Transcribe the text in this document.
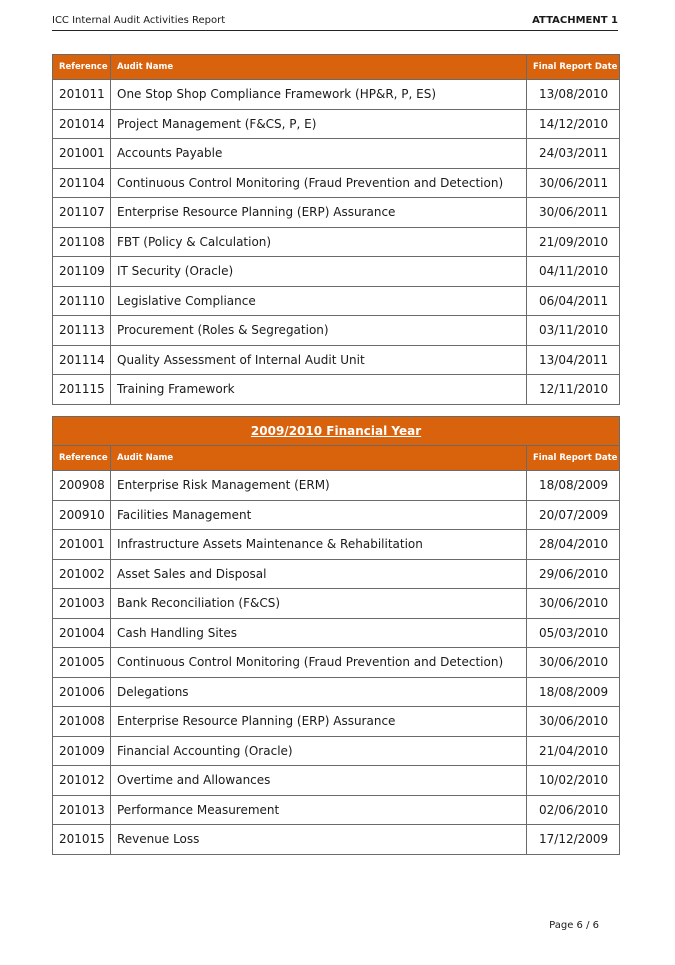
ICC Internal Audit Activities Report	ATTACHMENT 1
Reference	Audit Name	Final Report Date
201011	One Stop Shop Compliance Framework (HP&R, P, ES)	13/08/2010
201014	Project Management (F&CS, P, E)	14/12/2010
201001	Accounts Payable	24/03/2011
201104	Continuous Control Monitoring (Fraud Prevention and Detection)	30/06/2011
201107	Enterprise Resource Planning (ERP) Assurance	30/06/2011
201108	FBT (Policy & Calculation)	21/09/2010
201109	IT Security (Oracle)	04/11/2010
201110	Legislative Compliance	06/04/2011
201113	Procurement (Roles & Segregation)	03/11/2010
201114	Quality Assessment of Internal Audit Unit	13/04/2011
201115	Training Framework	12/11/2010
2009/2010 Financial Year		
Reference	Audit Name	Final Report Date
200908	Enterprise Risk Management (ERM)	18/08/2009
200910	Facilities Management	20/07/2009
201001	Infrastructure Assets Maintenance & Rehabilitation	28/04/2010
201002	Asset Sales and Disposal	29/06/2010
201003	Bank Reconciliation (F&CS)	30/06/2010
201004	Cash Handling Sites	05/03/2010
201005	Continuous Control Monitoring (Fraud Prevention and Detection)	30/06/2010
201006	Delegations	18/08/2009
201008	Enterprise Resource Planning (ERP) Assurance	30/06/2010
201009	Financial Accounting (Oracle)	21/04/2010
201012	Overtime and Allowances	10/02/2010
201013	Performance Measurement	02/06/2010
201015	Revenue Loss	17/12/2009
Page 6 / 6
